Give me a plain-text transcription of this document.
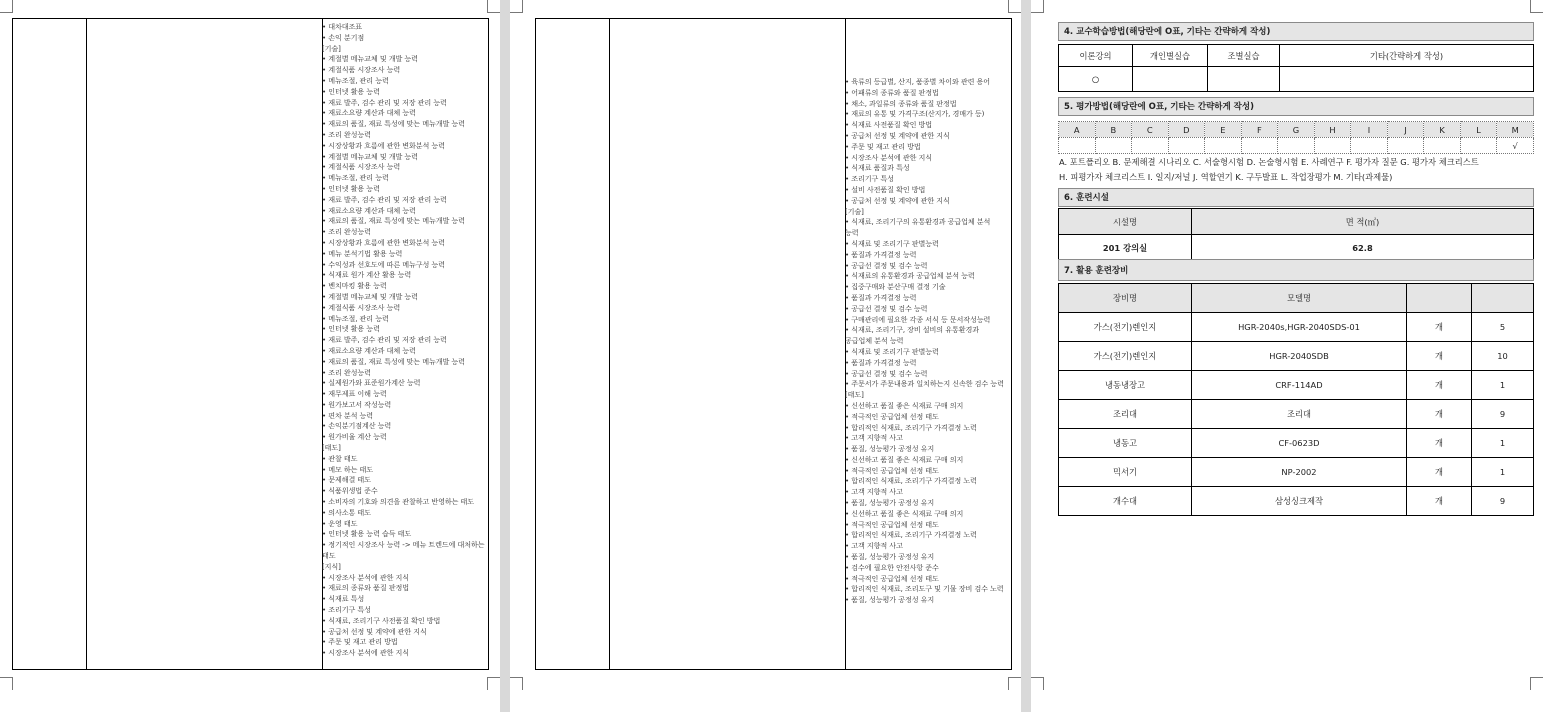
• 대차대조표
• 손익 분기점
[기술]
• 계절별 메뉴교체 및 개발 능력
• 계절식품 시장조사 능력
• 메뉴조절, 관리 능력
• 인터넷 활용 능력
• 재료 발주, 검수 관리 및 저장 관리 능력
• 재료소요량 계산과 대체 능력
• 재료의 품질, 재료 특성에 맞는 메뉴개발 능력
• 조리 완성능력
• 시장상황과 흐름에 관한 변화분석 능력
• 계절별 메뉴교체 및 개발 능력
• 계절식품 시장조사 능력
• 메뉴조절, 관리 능력
• 인터넷 활용 능력
• 재료 발주, 검수 관리 및 저장 관리 능력
• 재료소요량 계산과 대체 능력
• 재료의 품질, 재료 특성에 맞는 메뉴개발 능력
• 조리 완성능력
• 시장상황과 흐름에 관한 변화분석 능력
• 메뉴 분석기법 활용 능력
• 수익성과 선호도에 따른 메뉴구성 능력
• 식재료 원가 계산 활용 능력
• 벤치마킹 활용 능력
• 계절별 메뉴교체 및 개발 능력
• 계절식품 시장조사 능력
• 메뉴조절, 관리 능력
• 인터넷 활용 능력
• 재료 발주, 검수 관리 및 저장 관리 능력
• 재료소요량 계산과 대체 능력
• 재료의 품질, 재료 특성에 맞는 메뉴개발 능력
• 조리 완성능력
• 실제원가와 표준원가계산 능력
• 재무제표 이해 능력
• 원가보고서 작성능력
• 편차 분석 능력
• 손익분기점계산 능력
• 원가비율 계산 능력
[태도]
• 관찰 태도
• 메모 하는 태도
• 문제해결 태도
• 식품위생법 준수
• 소비자의 기호와 의견을 관찰하고 반영하는 태도
• 의사소통 태도
• 운영 태도
• 인터넷 활용 능력 습득 태도
• 정기적인 시장조사 능력 -> 메뉴 트렌드에 대처하는
태도
[지식]
• 시장조사 분석에 관한 지식
• 재료의 종류와 품질 판정법
• 식재료 특성
• 조리기구 특성
• 식재료, 조리기구 사전품질 확인 방법
• 공급처 선정 및 계약에 관한 지식
• 주문 및 재고 관리 방법
• 시장조사 분석에 관한 지식
• 육류의 등급별, 산지, 품종별 차이와 관련 용어
• 어패류의 종류와 품질 판정법
• 채소, 과일류의 종류와 품질 판정법
• 재료의 유통 및 가격구조(산지가, 경매가 등)
• 식재료 사전품질 확인 방법
• 공급처 선정 및 계약에 관한 지식
• 주문 및 재고 관리 방법
• 시장조사 분석에 관한 지식
• 식재료 품질과 특성
• 조리기구 특성
• 설비 사전품질 확인 방법
• 공급처 선정 및 계약에 관한 지식
[기술]
• 식재료, 조리기구의 유통환경과 공급업체 분석
능력
• 식재료 및 조리기구 판별능력
• 품질과 가격결정 능력
• 공급선 결정 및 검수 능력
• 식재료의 유통환경과 공급업체 분석 능력
• 집중구매와 분산구매 결정 기술
• 품질과 가격결정 능력
• 공급선 결정 및 검수 능력
• 구매관리에 필요한 각종 서식 등 문서작성능력
• 식재료, 조리기구, 장비 설비의 유통환경과
공급업체 분석 능력
• 식재료 및 조리기구 판별능력
• 품질과 가격결정 능력
• 공급선 결정 및 검수 능력
• 주문서가 주문내용과 일치하는지 신속한 검수 능력
[태도]
• 신선하고 품질 좋은 식재료 구매 의지
• 적극적인 공급업체 선정 태도
• 합리적인 식재료, 조리기구 가격결정 노력
• 고객 지향적 사고
• 품질, 성능평가 공정성 유지
• 신선하고 품질 좋은 식재료 구매 의지
• 적극적인 공급업체 선정 태도
• 합리적인 식재료, 조리기구 가격결정 노력
• 고객 지향적 사고
• 품질, 성능평가 공정성 유지
• 신선하고 품질 좋은 식재료 구매 의지
• 적극적인 공급업체 선정 태도
• 합리적인 식재료, 조리기구 가격결정 노력
• 고객 지향적 사고
• 품질, 성능평가 공정성 유지
• 검수에 필요한 안전사항 준수
• 적극적인 공급업체 선정 태도
• 합리적인 식재료, 조리도구 및 기물 장비 검수 노력
• 품질, 성능평가 공정성 유지
4. 교수학습방법(해당란에 O표, 기타는 간략하게 작성)
이론강의	개인별실습	조별실습	기타(간략하게 작성)
○			
5. 평가방법(해당란에 O표, 기타는 간략하게 작성)
A	B	C	D	E	F	G	H	I	J	K	L	M
												√
A. 포트폴리오 B. 문제해결 시나리오 C. 서술형시험 D. 논술형시험 E. 사례연구 F. 평가자 질문 G. 평가자 체크리스트
H. 피평가자 체크리스트 I. 일지/저널 J. 역할연기 K. 구두발표 L. 작업장평가 M. 기타(과제물)
6. 훈련시설
시설명	면 적(㎡)
201 강의실	62.8
7. 활용 훈련장비
장비명	모델명		
가스(전기)렌인지	HGR-2040s,HGR-2040SDS-01	개	5
가스(전기)렌인지	HGR-2040SDB	개	10
냉동냉장고	CRF-114AD	개	1
조리대	조리대	개	9
냉동고	CF-0623D	개	1
믹서기	NP-2002	개	1
개수대	삼성싱크제작	개	9
